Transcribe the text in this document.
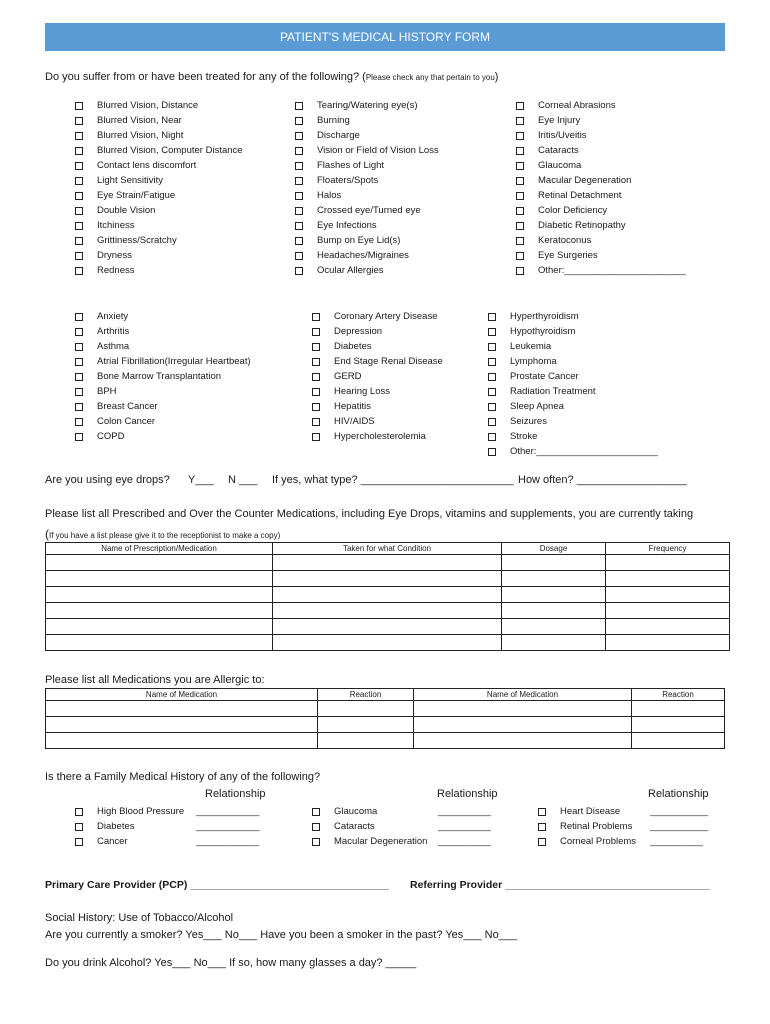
PATIENT'S MEDICAL HISTORY FORM
Do you suffer from or have been treated for any of the following? (Please check any that pertain to you)
Blurred Vision, Distance
Blurred Vision, Near
Blurred Vision, Night
Blurred Vision, Computer Distance
Contact lens discomfort
Light Sensitivity
Eye Strain/Fatigue
Double Vision
Itchiness
Grittiness/Scratchy
Dryness
Redness
Tearing/Watering eye(s)
Burning
Discharge
Vision or Field of Vision Loss
Flashes of Light
Floaters/Spots
Halos
Crossed eye/Turned eye
Eye Infections
Bump on Eye Lid(s)
Headaches/Migraines
Ocular Allergies
Corneal Abrasions
Eye Injury
Iritis/Uveitis
Cataracts
Glaucoma
Macular Degeneration
Retinal Detachment
Color Deficiency
Diabetic Retinopathy
Keratoconus
Eye Surgeries
Other:_______________________
Anxiety
Arthritis
Asthma
Atrial Fibrillation(Irregular Heartbeat)
Bone Marrow Transplantation
BPH
Breast Cancer
Colon Cancer
COPD
Coronary Artery Disease
Depression
Diabetes
End Stage Renal Disease
GERD
Hearing Loss
Hepatitis
HIV/AIDS
Hypercholesterolemia
Hyperthyroidism
Hypothyroidism
Leukemia
Lymphoma
Prostate Cancer
Radiation Treatment
Sleep Apnea
Seizures
Stroke
Other:_______________________
Are you using eye drops? Y___ N ___ If yes, what type? _________________________ How often? __________________
Please list all Prescribed and Over the Counter Medications, including Eye Drops, vitamins and supplements, you are currently taking
(If you have a list please give it to the receptionist to make a copy)
Name of Prescription/Medication	Taken for what Condition	Dosage	Frequency

Please list all Medications you are Allergic to:
Name of Medication	Reaction	Name of Medication	Reaction

Is there a Family Medical History of any of the following?
Relationship	Relationship	Relationship
High Blood Pressure ____________
Diabetes	____________
Cancer	____________
Glaucoma	__________
Cataracts	__________
Macular Degeneration __________
Heart Disease	___________
Retinal Problems ___________
Corneal Problems __________
Primary Care Provider (PCP) __________________________________ Referring Provider ___________________________________
Social History: Use of Tobacco/Alcohol
Are you currently a smoker? Yes___ No___ Have you been a smoker in the past? Yes___ No___
Do you drink Alcohol? Yes___ No___ If so, how many glasses a day? _____
